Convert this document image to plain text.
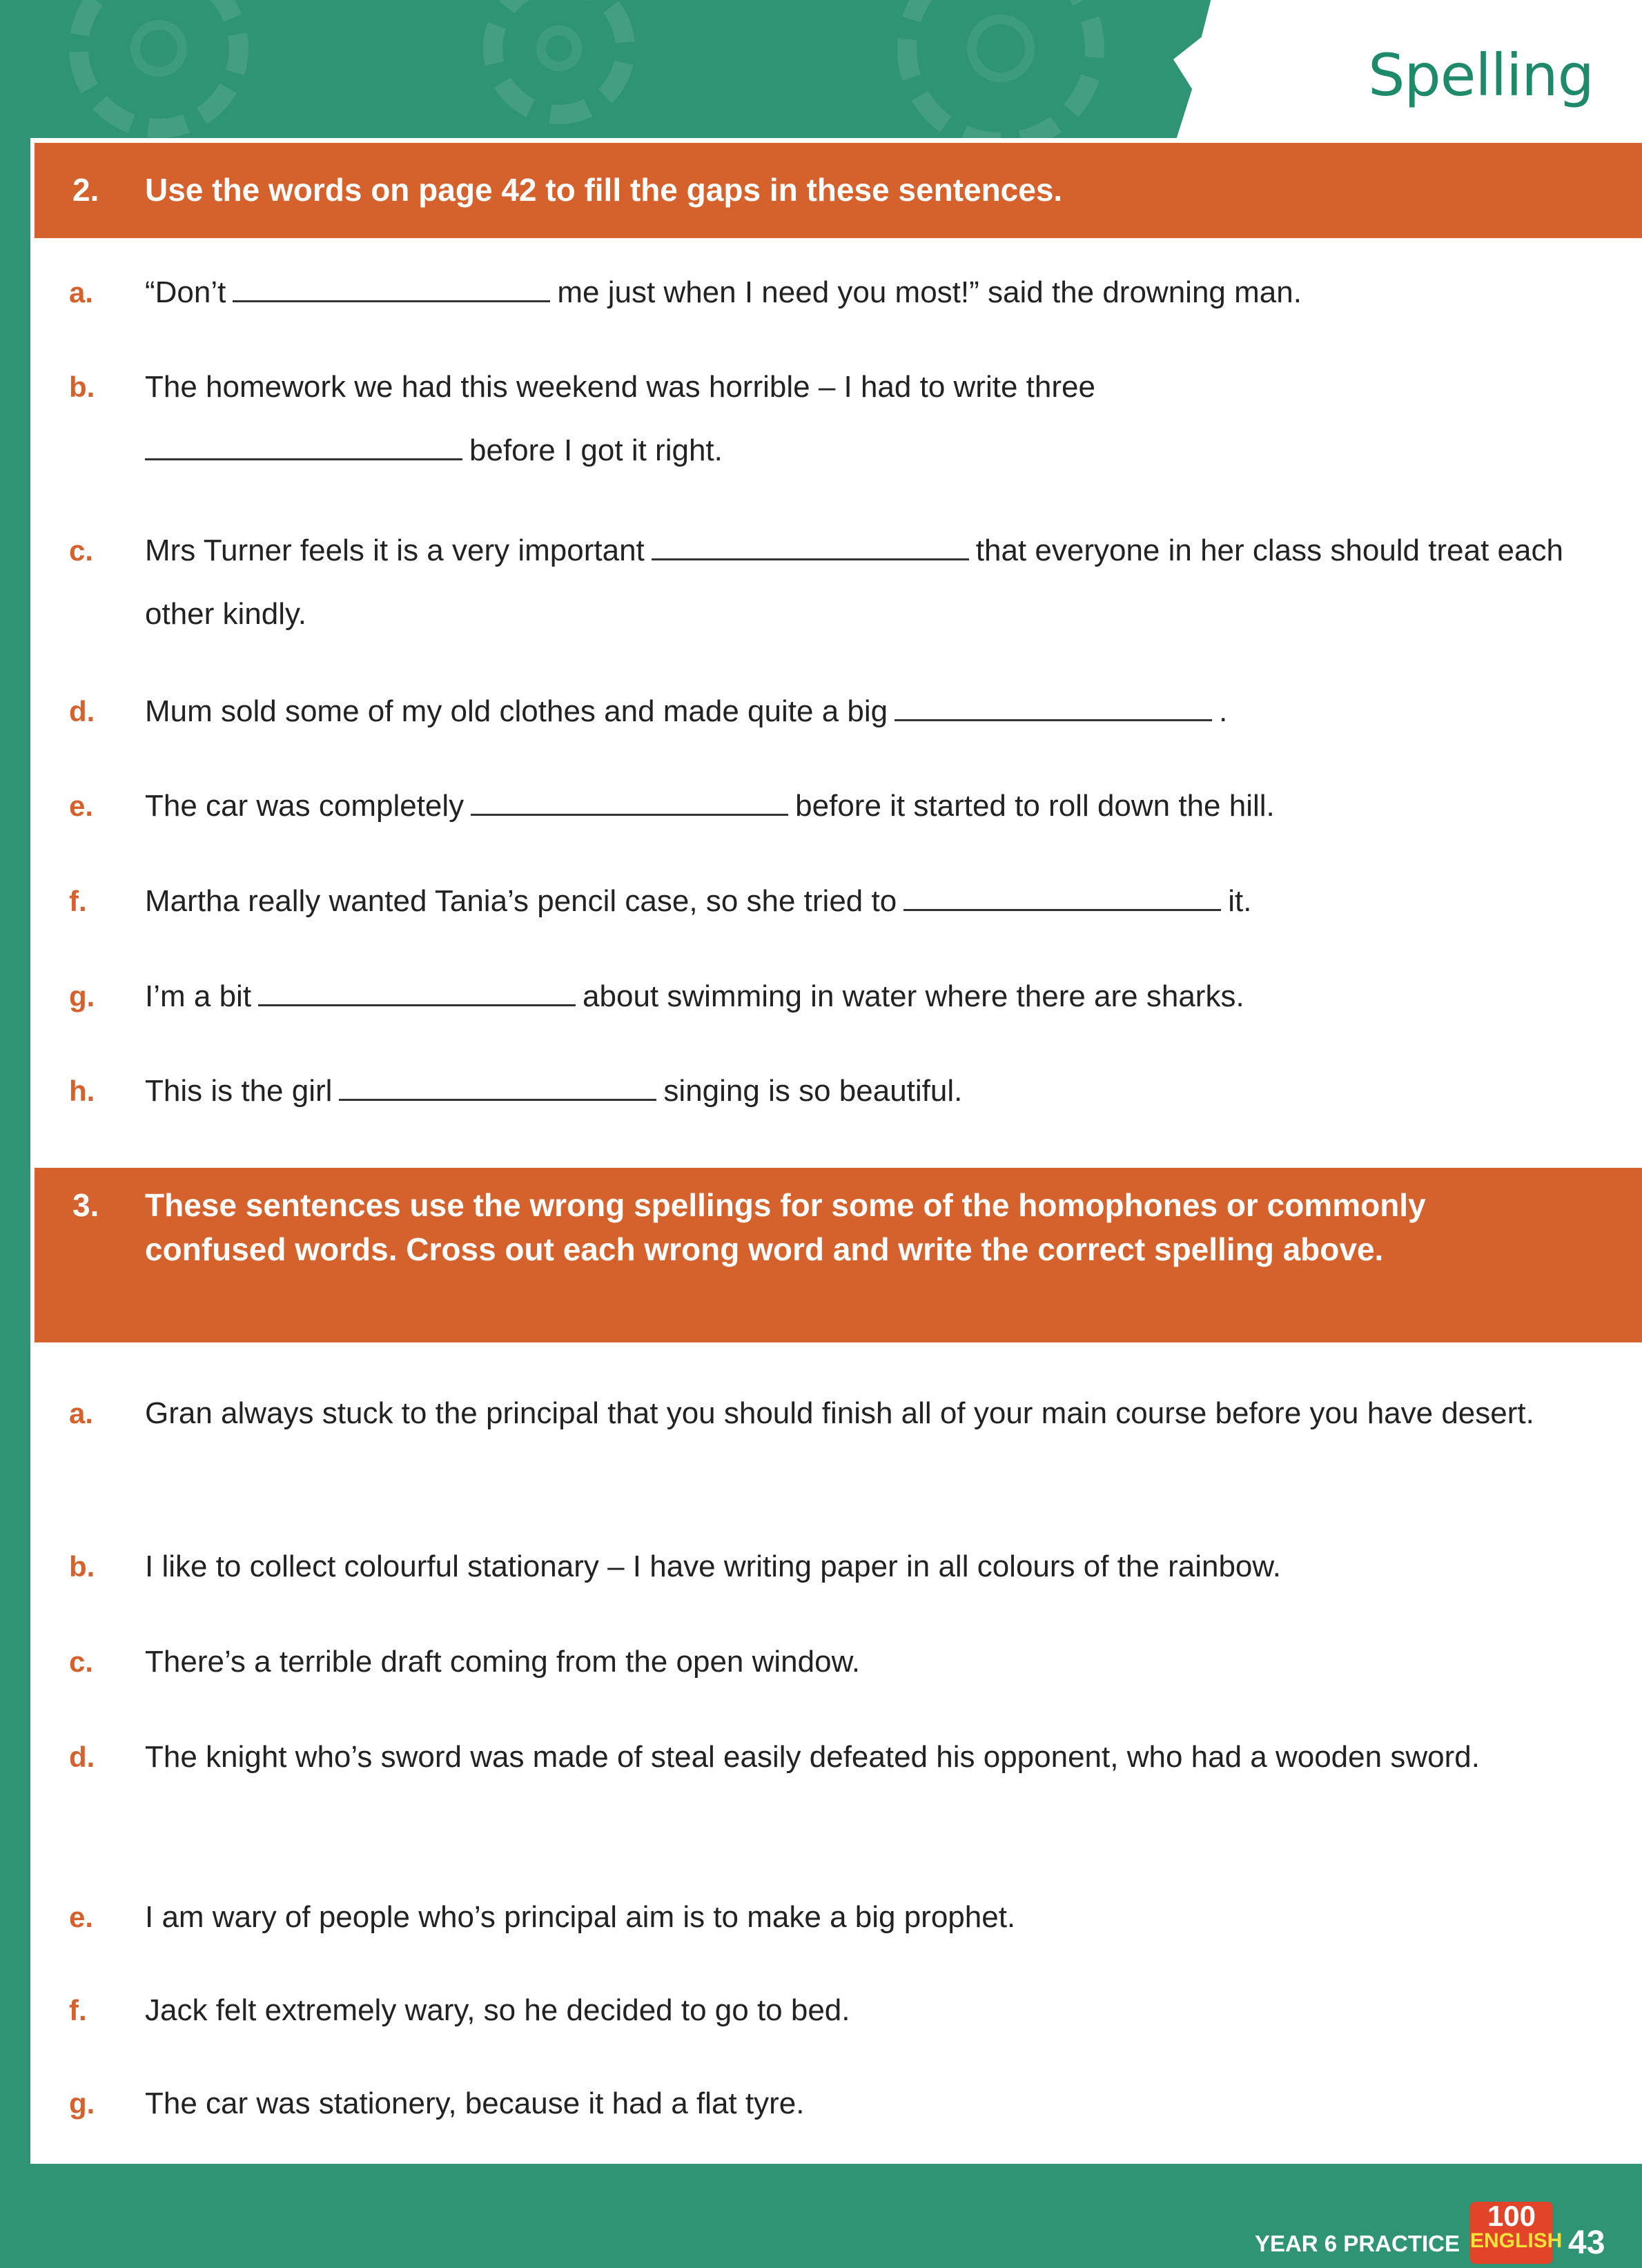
Spelling
2.	Use the words on page 42 to fill the gaps in these sentences.
a.	“Don’t	me just when I need you most!” said the drowning man.
b.	The homework we had this weekend was horrible – I had to write three
before I got it right.
c.	Mrs Turner feels it is a very important	that everyone in her class should treat each other kindly.
d.	Mum sold some of my old clothes and made quite a big	.
e.	The car was completely	before it started to roll down the hill.
f.	Martha really wanted Tania’s pencil case, so she tried to	it.
g.	I’m a bit	about swimming in water where there are sharks.
h.	This is the girl	singing is so beautiful.
3.	These sentences use the wrong spellings for some of the homophones or commonly confused words. Cross out each wrong word and write the correct spelling above.
a.	Gran always stuck to the principal that you should finish all of your main course before you have desert.
b.	I like to collect colourful stationary – I have writing paper in all colours of the rainbow.
c.	There’s a terrible draft coming from the open window.
d.	The knight who’s sword was made of steal easily defeated his opponent, who had a wooden sword.
e.	I am wary of people who’s principal aim is to make a big prophet.
f.	Jack felt extremely wary, so he decided to go to bed.
g.	The car was stationery, because it had a flat tyre.
YEAR 6 PRACTICE
100
ENGLISH 43
